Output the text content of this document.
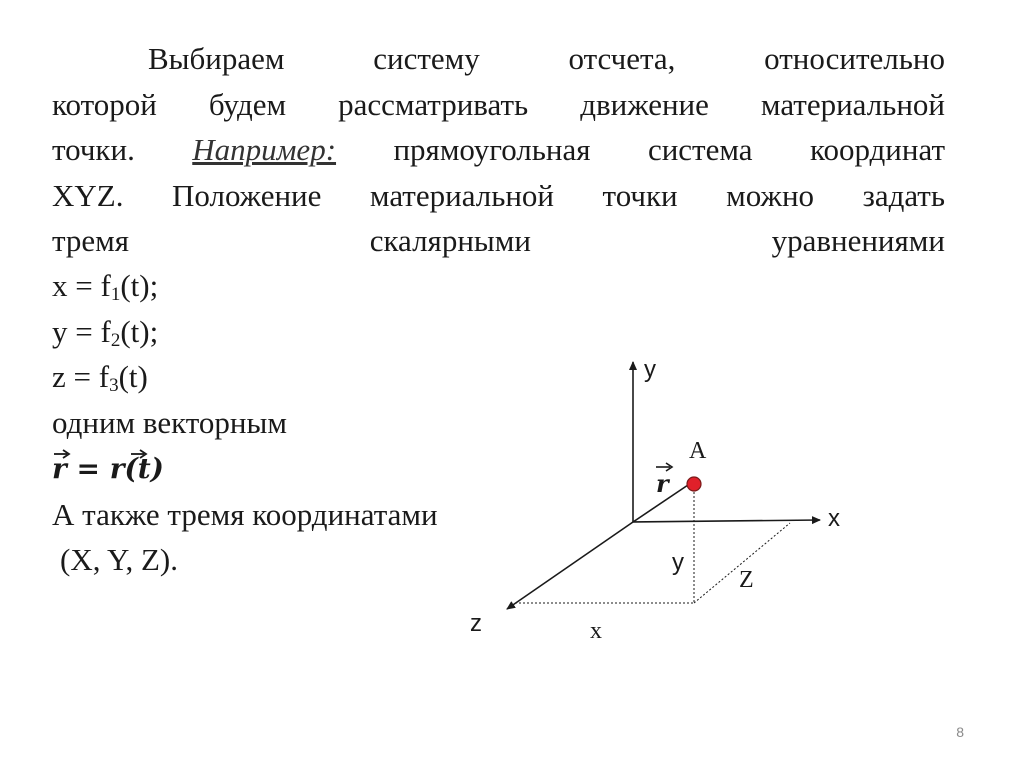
Выбираем системy отсчета, относительно
которой будем рассматривать движение материальной
точки. Например: прямоугольная система координат
XYZ. Положение материальной точки можно задать
тремя скалярными уравнениями
$x = f_1(t)$;
$y = f_2(t)$;
$z = f_3(t)$
одним векторным
r = r(t)
А также тремя координатами
(X, Y, Z).
y
x
z
A
r
y
Z
x
8
